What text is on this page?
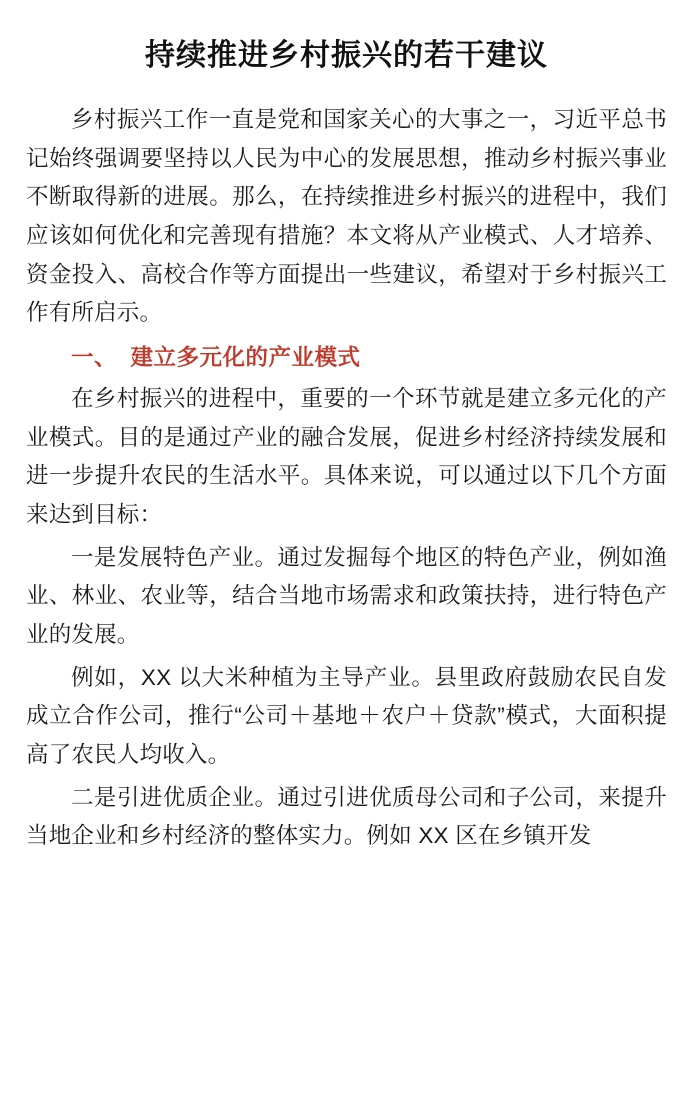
持续推进乡村振兴的若干建议

乡村振兴工作一直是党和国家关心的大事之一，习近平总书记始终强调要坚持以人民为中心的发展思想，推动乡村振兴事业不断取得新的进展。那么，在持续推进乡村振兴的进程中，我们应该如何优化和完善现有措施？本文将从产业模式、人才培养、资金投入、高校合作等方面提出一些建议，希望对于乡村振兴工作有所启示。

一、 建立多元化的产业模式

在乡村振兴的进程中，重要的一个环节就是建立多元化的产业模式。目的是通过产业的融合发展，促进乡村经济持续发展和进一步提升农民的生活水平。具体来说，可以通过以下几个方面来达到目标：

一是发展特色产业。通过发掘每个地区的特色产业，例如渔业、林业、农业等，结合当地市场需求和政策扶持，进行特色产业的发展。

例如，XX 以大米种植为主导产业。县里政府鼓励农民自发成立合作公司，推行“公司＋基地＋农户＋贷款”模式，大面积提高了农民人均收入。

二是引进优质企业。通过引进优质母公司和子公司，来提升当地企业和乡村经济的整体实力。例如 XX 区在乡镇开发
